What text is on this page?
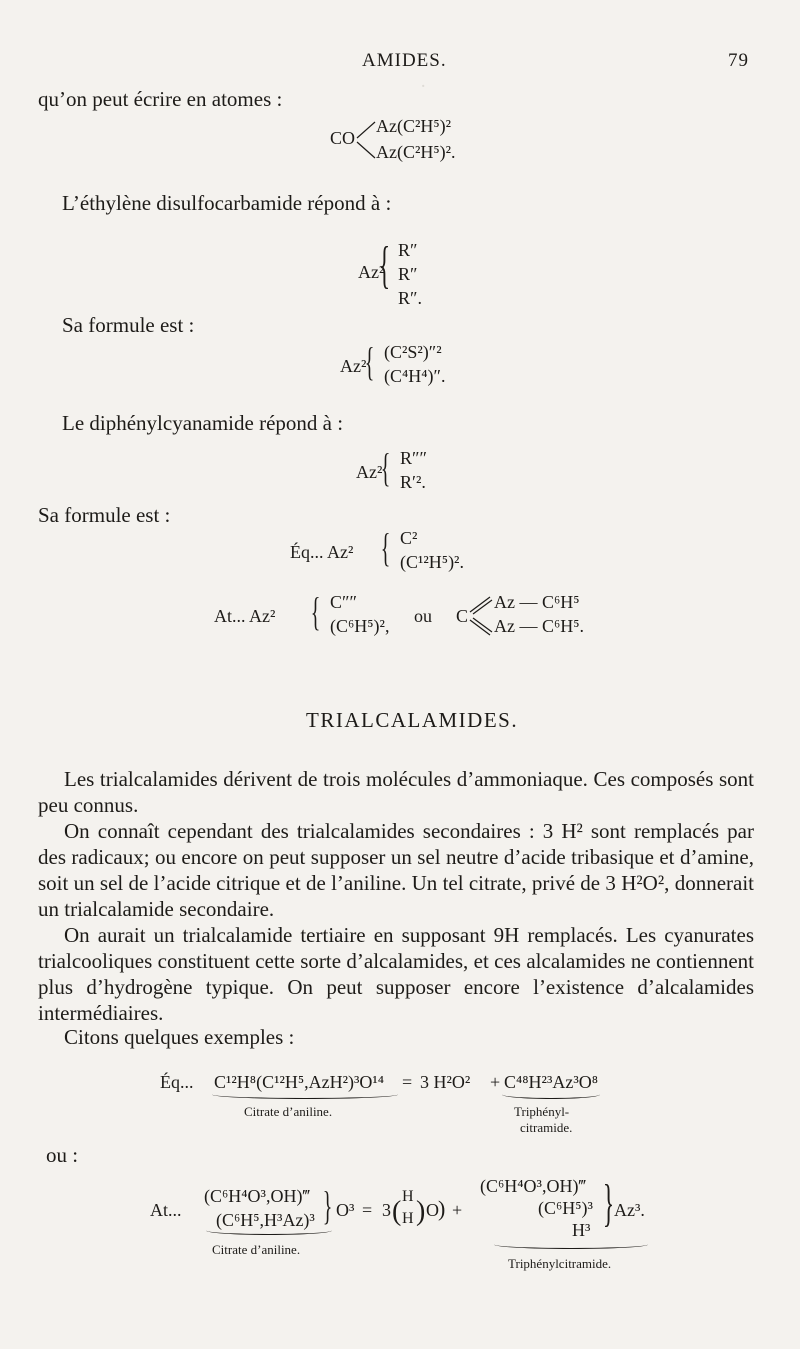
·
AMIDES.	79
qu’on peut écrire en atomes :
CO
Az(C²H⁵)²
Az(C²H⁵)².
L’éthylène disulfocarbamide répond à :
Az²
{ R″
R″
R″.
Sa formule est :
Az²
{ (C²S²)″²
(C⁴H⁴)″.
Le diphénylcyanamide répond à :
Az²
{ R″″
R′².
Sa formule est :
Éq... Az² { C²
(C¹²H⁵)².
At... Az² { C″″
(C⁶H⁵)², ou C
Az — C⁶H⁵
Az — C⁶H⁵.
TRIALCALAMIDES.
Les trialcalamides dérivent de trois molécules d’ammoniaque. Ces composés sont peu connus.
On connaît cependant des trialcalamides secondaires : 3 H² sont remplacés par des radicaux; ou encore on peut supposer un sel neutre d’acide tribasique et d’amine, soit un sel de l’acide citrique et de l’aniline. Un tel citrate, privé de 3 H²O², donnerait un trialcalamide secondaire.
On aurait un trialcalamide tertiaire en supposant 9H remplacés. Les cyanurates trialcooliques constituent cette sorte d’alcalamides, et ces alcalamides ne contiennent plus d’hydrogène typique. On peut supposer encore l’existence d’alcalamides intermédiaires.
Citons quelques exemples :
Éq... C¹²H⁸(C¹²H⁵,AzH²)³O¹⁴ = 3 H²O² + C⁴⁸H²³Az³O⁸
Citrate d’aniline.	Triphényl-
citramide.
ou :
At...
(C⁶H⁴O³,OH)‴
(C⁶H⁵,H³Az)³ } O³ = 3 ( H
H ) O ) +
(C⁶H⁴O³,OH)‴
(C⁶H⁵)³
H³ } Az³.
Citrate d’aniline.
Triphénylcitramide.
